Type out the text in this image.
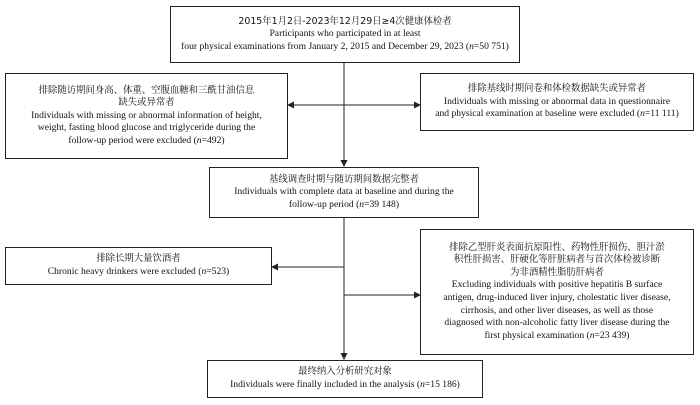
2015年1月2日-2023年12月29日≥4次健康体检者
Participants who participated in at least
four physical examinations from January 2, 2015 and December 29, 2023 (n=50 751)
排除随访期间身高、体重、空腹血糖和三酰甘油信息
缺失或异常者
Individuals with missing or abnormal information of height,
weight, fasting blood glucose and triglyceride during the
follow-up period were excluded (n=492)
排除基线时期问卷和体检数据缺失或异常者
Individuals with missing or abnormal data in questionnaire
and physical examination at baseline were excluded (n=11 111)
基线调查时期与随访期间数据完整者
Individuals with complete data at baseline and during the
follow-up period (n=39 148)
排除长期大量饮酒者
Chronic heavy drinkers were excluded (n=523)
排除乙型肝炎表面抗原阳性、药物性肝损伤、胆汁淤
积性肝损害、肝硬化等肝脏病者与首次体检被诊断
为非酒精性脂肪肝病者
Excluding individuals with positive hepatitis B surface
antigen, drug-induced liver injury, cholestatic liver disease,
cirrhosis, and other liver diseases, as well as those
diagnosed with non-alcoholic fatty liver disease during the
first physical examination (n=23 439)
最终纳入分析研究对象
Individuals were finally included in the analysis (n=15 186)
